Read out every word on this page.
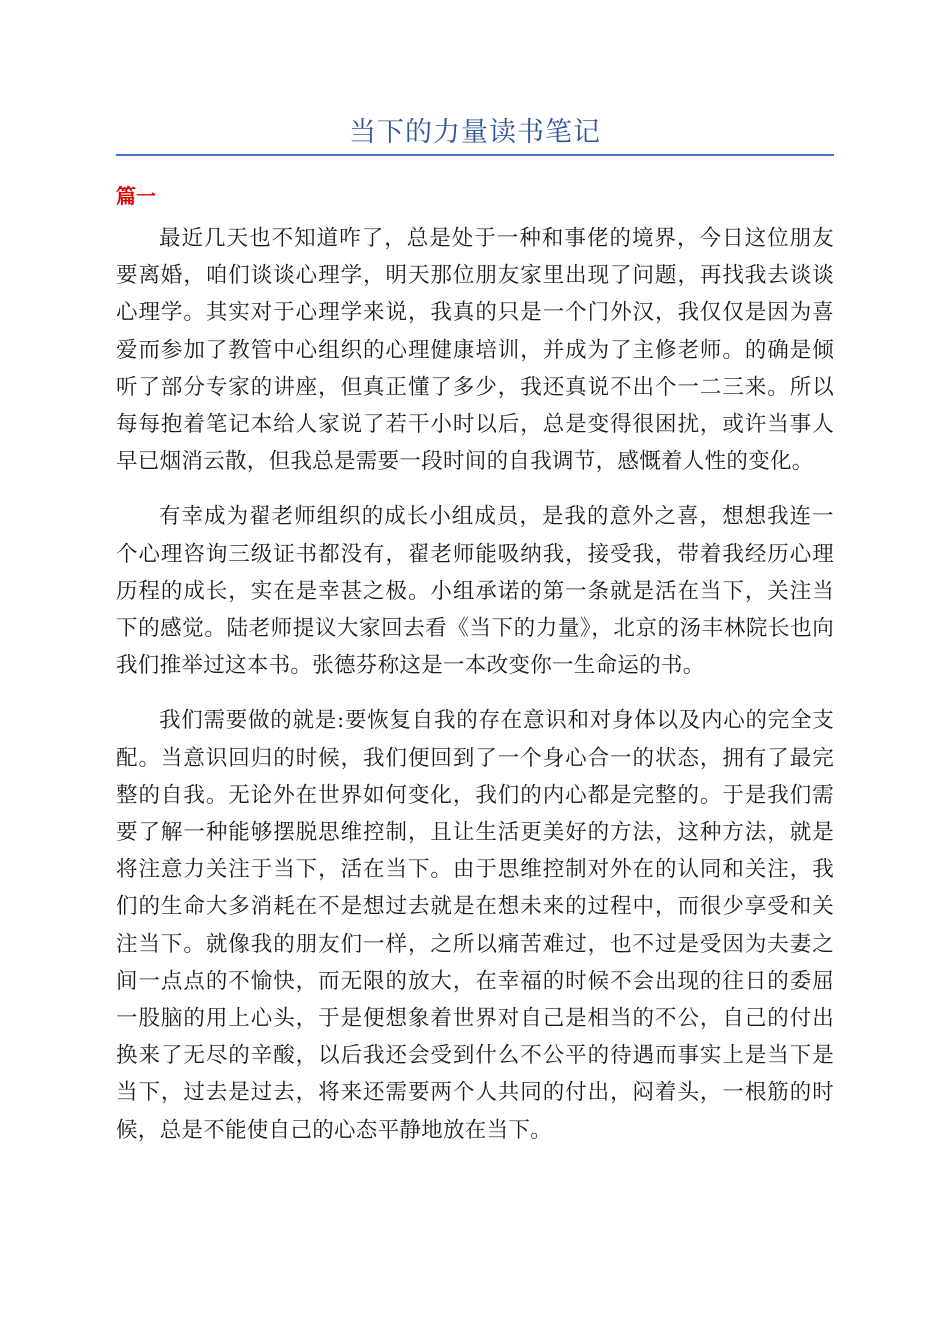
当下的力量读书笔记
篇一

最近几天也不知道咋了，总是处于一种和事佬的境界，今日这位朋友要离婚，咱们谈谈心理学，明天那位朋友家里出现了问题，再找我去谈谈心理学。其实对于心理学来说，我真的只是一个门外汉，我仅仅是因为喜爱而参加了教管中心组织的心理健康培训，并成为了主修老师。的确是倾听了部分专家的讲座，但真正懂了多少，我还真说不出个一二三来。所以每每抱着笔记本给人家说了若干小时以后，总是变得很困扰，或许当事人早已烟消云散，但我总是需要一段时间的自我调节，感慨着人性的变化。

有幸成为翟老师组织的成长小组成员，是我的意外之喜，想想我连一个心理咨询三级证书都没有，翟老师能吸纳我，接受我，带着我经历心理历程的成长，实在是幸甚之极。小组承诺的第一条就是活在当下，关注当下的感觉。陆老师提议大家回去看《当下的力量》，北京的汤丰林院长也向我们推举过这本书。张德芬称这是一本改变你一生命运的书。

我们需要做的就是:要恢复自我的存在意识和对身体以及内心的完全支配。当意识回归的时候，我们便回到了一个身心合一的状态，拥有了最完整的自我。无论外在世界如何变化，我们的内心都是完整的。于是我们需要了解一种能够摆脱思维控制，且让生活更美好的方法，这种方法，就是将注意力关注于当下，活在当下。由于思维控制对外在的认同和关注，我们的生命大多消耗在不是想过去就是在想未来的过程中，而很少享受和关注当下。就像我的朋友们一样，之所以痛苦难过，也不过是受因为夫妻之间一点点的不愉快，而无限的放大，在幸福的时候不会出现的往日的委屈一股脑的用上心头，于是便想象着世界对自己是相当的不公，自己的付出换来了无尽的辛酸，以后我还会受到什么不公平的待遇而事实上是当下是当下，过去是过去，将来还需要两个人共同的付出，闷着头，一根筋的时候，总是不能使自己的心态平静地放在当下。
